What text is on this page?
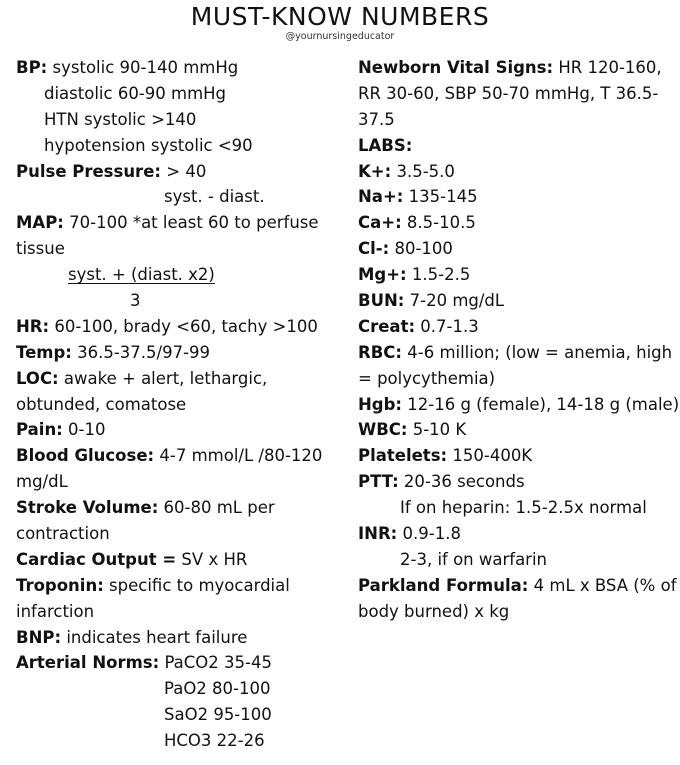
MUST-KNOW NUMBERS
@yournursingeducator
BP: systolic 90-140 mmHg
diastolic 60-90 mmHg
HTN systolic >140
hypotension systolic <90
Pulse Pressure: > 40
syst. - diast.
MAP: 70-100 *at least 60 to perfuse
tissue
syst. + (diast. x2)
3
HR: 60-100, brady <60, tachy >100
Temp: 36.5-37.5/97-99
LOC: awake + alert, lethargic,
obtunded, comatose
Pain: 0-10
Blood Glucose: 4-7 mmol/L /80-120
mg/dL
Stroke Volume: 60-80 mL per
contraction
Cardiac Output = SV x HR
Troponin: specific to myocardial
infarction
BNP: indicates heart failure
Arterial Norms: PaCO2 35-45
PaO2 80-100
SaO2 95-100
HCO3 22-26
Newborn Vital Signs: HR 120-160,
RR 30-60, SBP 50-70 mmHg, T 36.5-
37.5
LABS:
K+: 3.5-5.0
Na+: 135-145
Ca+: 8.5-10.5
Cl-: 80-100
Mg+: 1.5-2.5
BUN: 7-20 mg/dL
Creat: 0.7-1.3
RBC: 4-6 million; (low = anemia, high
= polycythemia)
Hgb: 12-16 g (female), 14-18 g (male)
WBC: 5-10 K
Platelets: 150-400K
PTT: 20-36 seconds
If on heparin: 1.5-2.5x normal
INR: 0.9-1.8
2-3, if on warfarin
Parkland Formula: 4 mL x BSA (% of
body burned) x kg
